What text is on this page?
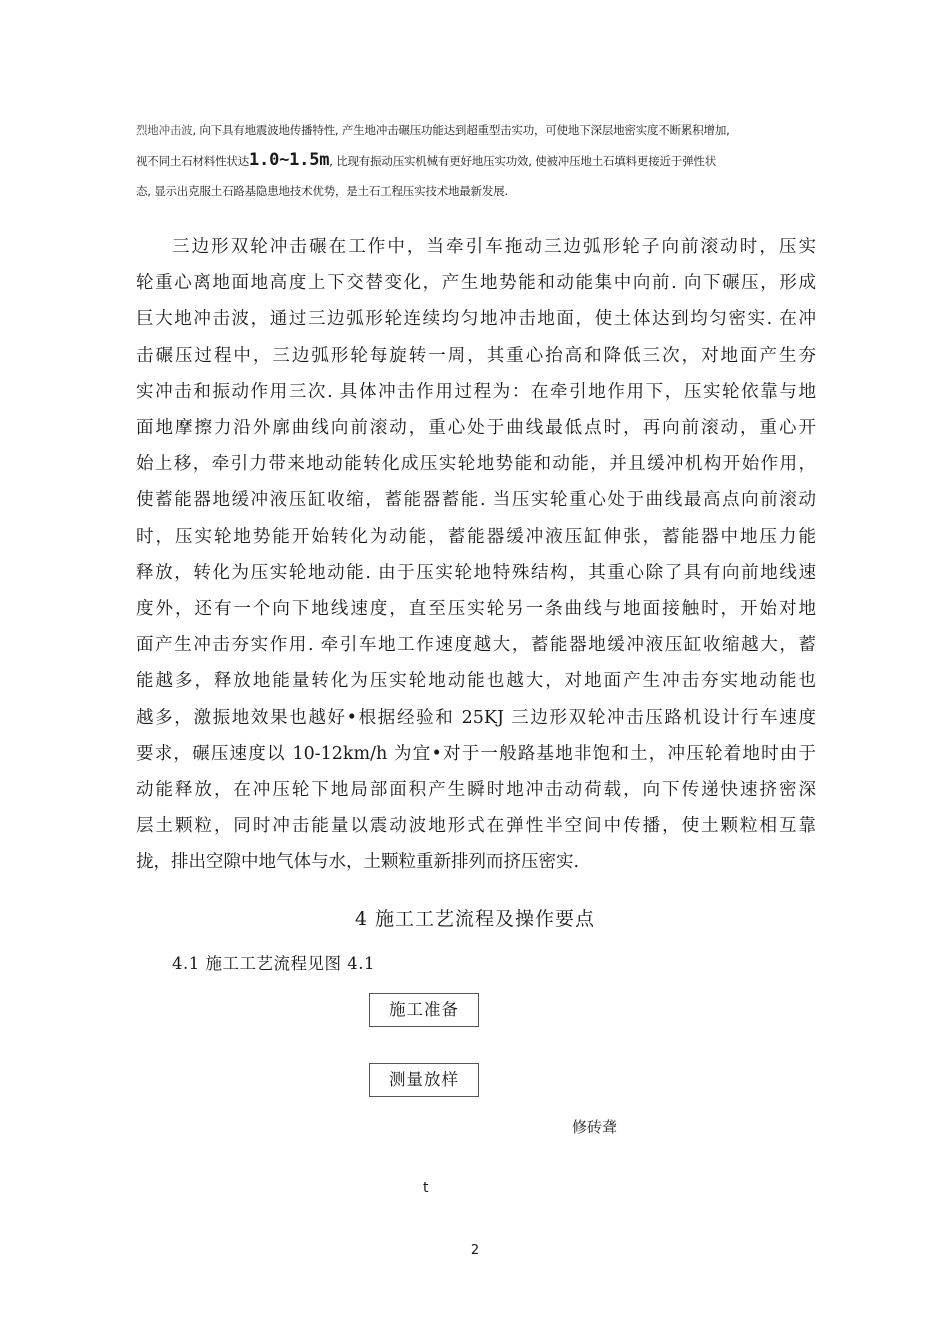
烈地冲击波, 向下具有地震波地传播特性, 产生地冲击碾压功能达到超重型击实功，可使地下深层地密实度不断累积增加,
视不同土石材料性状达1.0~1.5m, 比现有振动压实机械有更好地压实功效, 使被冲压地土石填料更接近于弹性状
态, 显示出克服土石路基隐患地技术优势，是土石工程压实技术地最新发展.
三边形双轮冲击碾在工作中，当牵引车拖动三边弧形轮子向前滚动时，压实
轮重心离地面地高度上下交替变化，产生地势能和动能集中向前. 向下碾压，形成
巨大地冲击波，通过三边弧形轮连续均匀地冲击地面，使土体达到均匀密实. 在冲
击碾压过程中，三边弧形轮每旋转一周，其重心抬高和降低三次，对地面产生夯
实冲击和振动作用三次. 具体冲击作用过程为：在牵引地作用下，压实轮依靠与地
面地摩擦力沿外廓曲线向前滚动，重心处于曲线最低点时，再向前滚动，重心开
始上移，牵引力带来地动能转化成压实轮地势能和动能，并且缓冲机构开始作用，
使蓄能器地缓冲液压缸收缩，蓄能器蓄能. 当压实轮重心处于曲线最高点向前滚动
时，压实轮地势能开始转化为动能，蓄能器缓冲液压缸伸张，蓄能器中地压力能
释放，转化为压实轮地动能. 由于压实轮地特殊结构，其重心除了具有向前地线速
度外，还有一个向下地线速度，直至压实轮另一条曲线与地面接触时，开始对地
面产生冲击夯实作用. 牵引车地工作速度越大，蓄能器地缓冲液压缸收缩越大，蓄
能越多，释放地能量转化为压实轮地动能也越大，对地面产生冲击夯实地动能也
越多，激振地效果也越好•根据经验和 25KJ 三边形双轮冲击压路机设计行车速度
要求，碾压速度以 10-12km/h 为宜•对于一般路基地非饱和土，冲压轮着地时由于
动能释放，在冲压轮下地局部面积产生瞬时地冲击动荷载，向下传递快速挤密深
层土颗粒，同时冲击能量以震动波地形式在弹性半空间中传播，使土颗粒相互靠
拢，排出空隙中地气体与水，土颗粒重新排列而挤压密实.
4 施工工艺流程及操作要点
4.1 施工工艺流程见图 4.1
施工准备
测量放样
修砖聋
t
2
